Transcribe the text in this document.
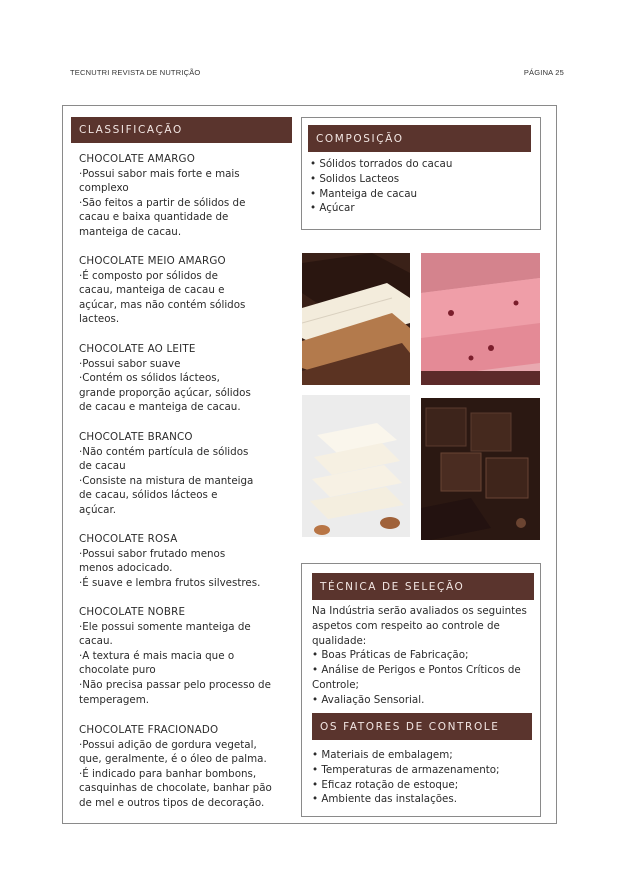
TECNUTRI REVISTA DE NUTRIÇÃO	PÁGINA 25
CLASSIFICAÇÃO
CHOCOLATE AMARGO
·Possui sabor mais forte e mais
complexo
·São feitos a partir de sólidos de
cacau e baixa quantidade de
manteiga de cacau.
CHOCOLATE MEIO AMARGO
·É composto por sólidos de
cacau, manteiga de cacau e
açúcar, mas não contém sólidos
lacteos.
CHOCOLATE AO LEITE
·Possui sabor suave
·Contém os sólidos lácteos,
grande proporção açúcar, sólidos
de cacau e manteiga de cacau.
CHOCOLATE BRANCO
·Não contém partícula de sólidos
de cacau
·Consiste na mistura de manteiga
de cacau, sólidos lácteos e
açúcar.
CHOCOLATE ROSA
·Possui sabor frutado menos
menos adocicado.
·É suave e lembra frutos silvestres.
CHOCOLATE NOBRE
·Ele possui somente manteiga de
cacau.
·A textura é mais macia que o
chocolate puro
·Não precisa passar pelo processo de
temperagem.
CHOCOLATE FRACIONADO
·Possui adição de gordura vegetal,
que, geralmente, é o óleo de palma.
·É indicado para banhar bombons,
casquinhas de chocolate, banhar pão
de mel e outros tipos de decoração.
COMPOSIÇÃO
• Sólidos torrados do cacau
• Solidos Lacteos
• Manteiga de cacau
• Açúcar
TÉCNICA DE SELEÇÃO
Na Indústria serão avaliados os seguintes
aspetos com respeito ao controle de
qualidade:
• Boas Práticas de Fabricação;
• Análise de Perigos e Pontos Críticos de
Controle;
• Avaliação Sensorial.
OS FATORES DE CONTROLE
• Materiais de embalagem;
• Temperaturas de armazenamento;
• Eficaz rotação de estoque;
• Ambiente das instalações.
